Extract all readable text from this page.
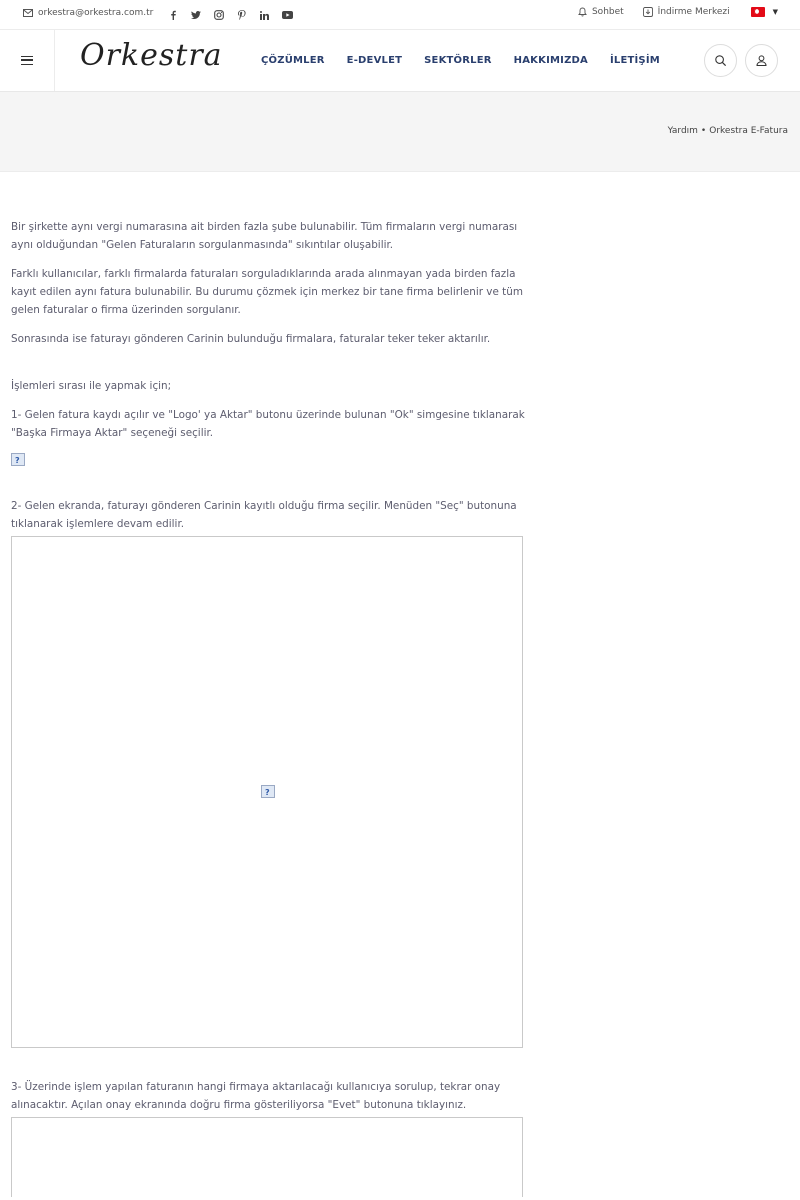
orkestra@orkestra.com.tr	Sohbet	İndirme Merkezi	▼
Orkestra	ÇÖZÜMLER E-DEVLET SEKTÖRLER HAKKIMIZDA İLETİŞİM
Yardım • Orkestra E-Fatura

Bir şirkette aynı vergi numarasına ait birden fazla şube bulunabilir. Tüm firmaların vergi numarası aynı olduğundan "Gelen Faturaların sorgulanmasında" sıkıntılar oluşabilir.

Farklı kullanıcılar, farklı firmalarda faturaları sorguladıklarında arada alınmayan yada birden fazla kayıt edilen aynı fatura bulunabilir. Bu durumu çözmek için merkez bir tane firma belirlenir ve tüm gelen faturalar o firma üzerinden sorgulanır.

Sonrasında ise faturayı gönderen Carinin bulunduğu firmalara, faturalar teker teker aktarılır.

İşlemleri sırası ile yapmak için;

1- Gelen fatura kaydı açılır ve "Logo' ya Aktar" butonu üzerinde bulunan "Ok" simgesine tıklanarak "Başka Firmaya Aktar" seçeneği seçilir.

?

2- Gelen ekranda, faturayı gönderen Carinin kayıtlı olduğu firma seçilir. Menüden "Seç" butonuna tıklanarak işlemlere devam edilir.

?

3- Üzerinde işlem yapılan faturanın hangi firmaya aktarılacağı kullanıcıya sorulup, tekrar onay alınacaktır. Açılan onay ekranında doğru firma gösteriliyorsa "Evet" butonuna tıklayınız.
